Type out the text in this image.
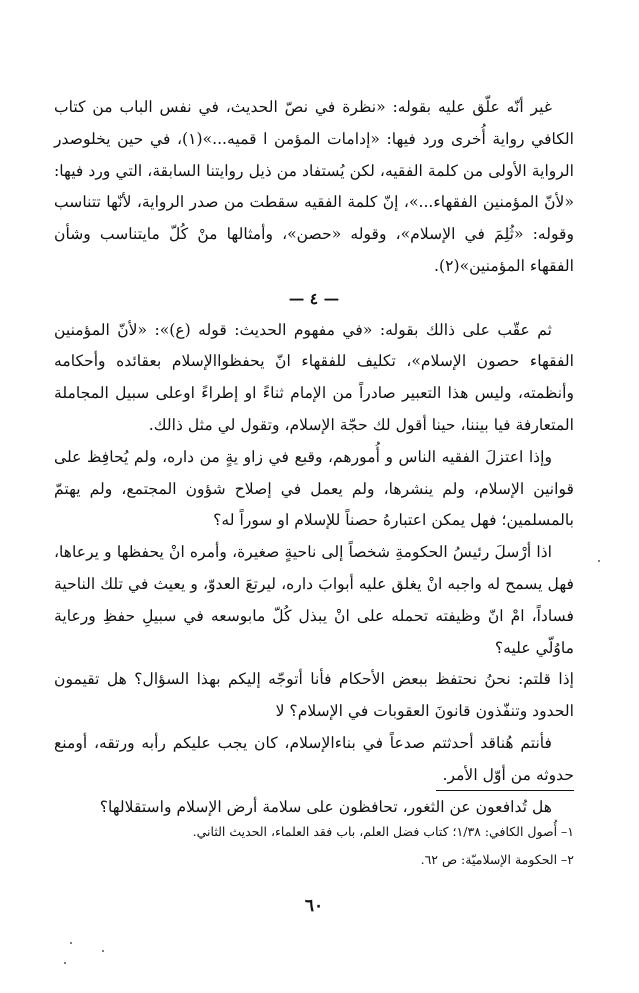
غير أنّه علّق عليه بقوله: «نظرة في نصّ الحديث، في نفس الباب من كتاب الكافي رواية أُخرى ورد فيها: «إدامات المؤمن ا قميه...»(١)، في حين يخلوصدر الرواية الأولى من كلمة الفقيه، لكن يُستفاد من ذيل روايتنا السابقة، التي ورد فيها: «لأنّ المؤمنين الفقهاء...»، إنّ كلمة الفقيه سقطت من صدر الرواية، لأنّها تتناسب وقوله: «ثُلِمَ في الإسلام»، وقوله «حصن»، وأمثالها منْ كُلّ مايتناسب وشأن الفقهاء المؤمنين»(٢).

— ٤ —

ثم عقّب على ذالك بقوله: «في مفهوم الحديث: قوله (ع)»: «لأنّ المؤمنين الفقهاء حصون الإسلام»، تكليف للفقهاء انّ يحفظواالإسلام بعقائده وأحكامه وأنظمته، وليس هذا التعبير صادراً من الإمام ثناءً او إطراءً اوعلى سبيل المجاملة المتعارفة فيا بيننا، حينا أقول لك حجّة الإسلام، وتقول لي مثل ذالك.

وإذا اعتزلَ الفقيه الناس و أُمورهم، وقبع في زاو يةٍ من داره، ولم يُحافِظ على قوانين الإسلام، ولم ينشرها، ولم يعمل في إصلاح شؤون المجتمع، ولم يهتمّ بالمسلمين؛ فهل يمكن اعتبارهُ حصناً للإسلام او سوراً له؟

اذا أرْسلَ رئيسُ الحكومةِ شخصاً إلى ناحيةٍ صغيرة، وأمره انْ يحفظها و يرعاها، فهل يسمح له واجبه انْ يغلق عليه أبوابَ داره، ليرتعَ العدوّ، و يعيث في تلك الناحية فساداً، امْ انّ وظيفته تحمله على انْ يبذل كُلّ مابوسعه في سبيلِ حفظِ ورعاية ماوُلّي عليه؟

إذا قلتم: نحنُ نحتفظ ببعض الأحكام فأنا أتوجّه إليكم بهذا السؤال؟ هل تقيمون الحدود وتنفّذون قانونَ العقوبات في الإسلام؟ لا

فأنتم هُناقد أحدثتم صدعاً في بناءالإسلام، كان يجب عليكم رأبه ورتقه، أومنع حدوثه من أوّل الأمر.

هل تُدافعون عن الثغور، تحافظون على سلامة أرض الإسلام واستقلالها؟

١– أُصول الكافي: ١/٣٨؛ كتاب فضل العلم، باب فقد العلماء، الحديث الثاني.

٢– الحكومة الإسلاميّة: ص ٦٢.

٦٠
